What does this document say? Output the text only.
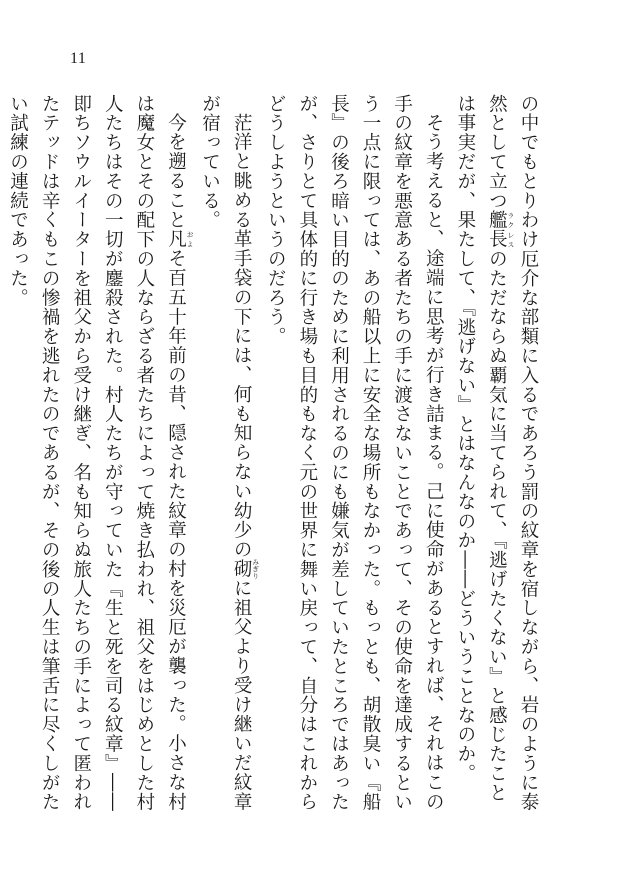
11

の中でもとりわけ厄介な部類に入るであろう罰の紋章を宿しながら、岩のように泰然として立つ艦長 ラクレスのただならぬ覇気に当てられて、『逃げたくない』と感じたことは事実だが、果たして、『逃げない』とはなんなのか――どういうことなのか。

そう考えると、途端に思考が行き詰まる。己に使命があるとすれば、それはこの手の紋章を悪意ある者たちの手に渡さないことであって、その使命を達成するという一点に限っては、あの船以上に安全な場所もなかった。もっとも、胡散臭い『船長』の後ろ暗い目的のために利用されるのにも嫌気が差していたところではあったが、さりとて具体的に行き場も目的もなく元の世界に舞い戻って、自分はこれからどうしようというのだろう。

茫洋と眺める革手袋の下には、何も知らない幼少の砌 みぎりに祖父より受け継いだ紋章が宿っている。

今を遡ること凡 およそ百五十年前の昔、隠された紋章の村を災厄が襲った。小さな村は魔女とその配下の人ならざる者たちによって焼き払われ、祖父をはじめとした村人たちはその一切が鏖殺された。村人たちが守っていた『生と死を司る紋章』――即ちソウルイーターを祖父から受け継ぎ、名も知らぬ旅人たちの手によって匿われたテッドは辛くもこの惨禍を逃れたのであるが、その後の人生は筆舌に尽くしがたい試練の連続であった。
